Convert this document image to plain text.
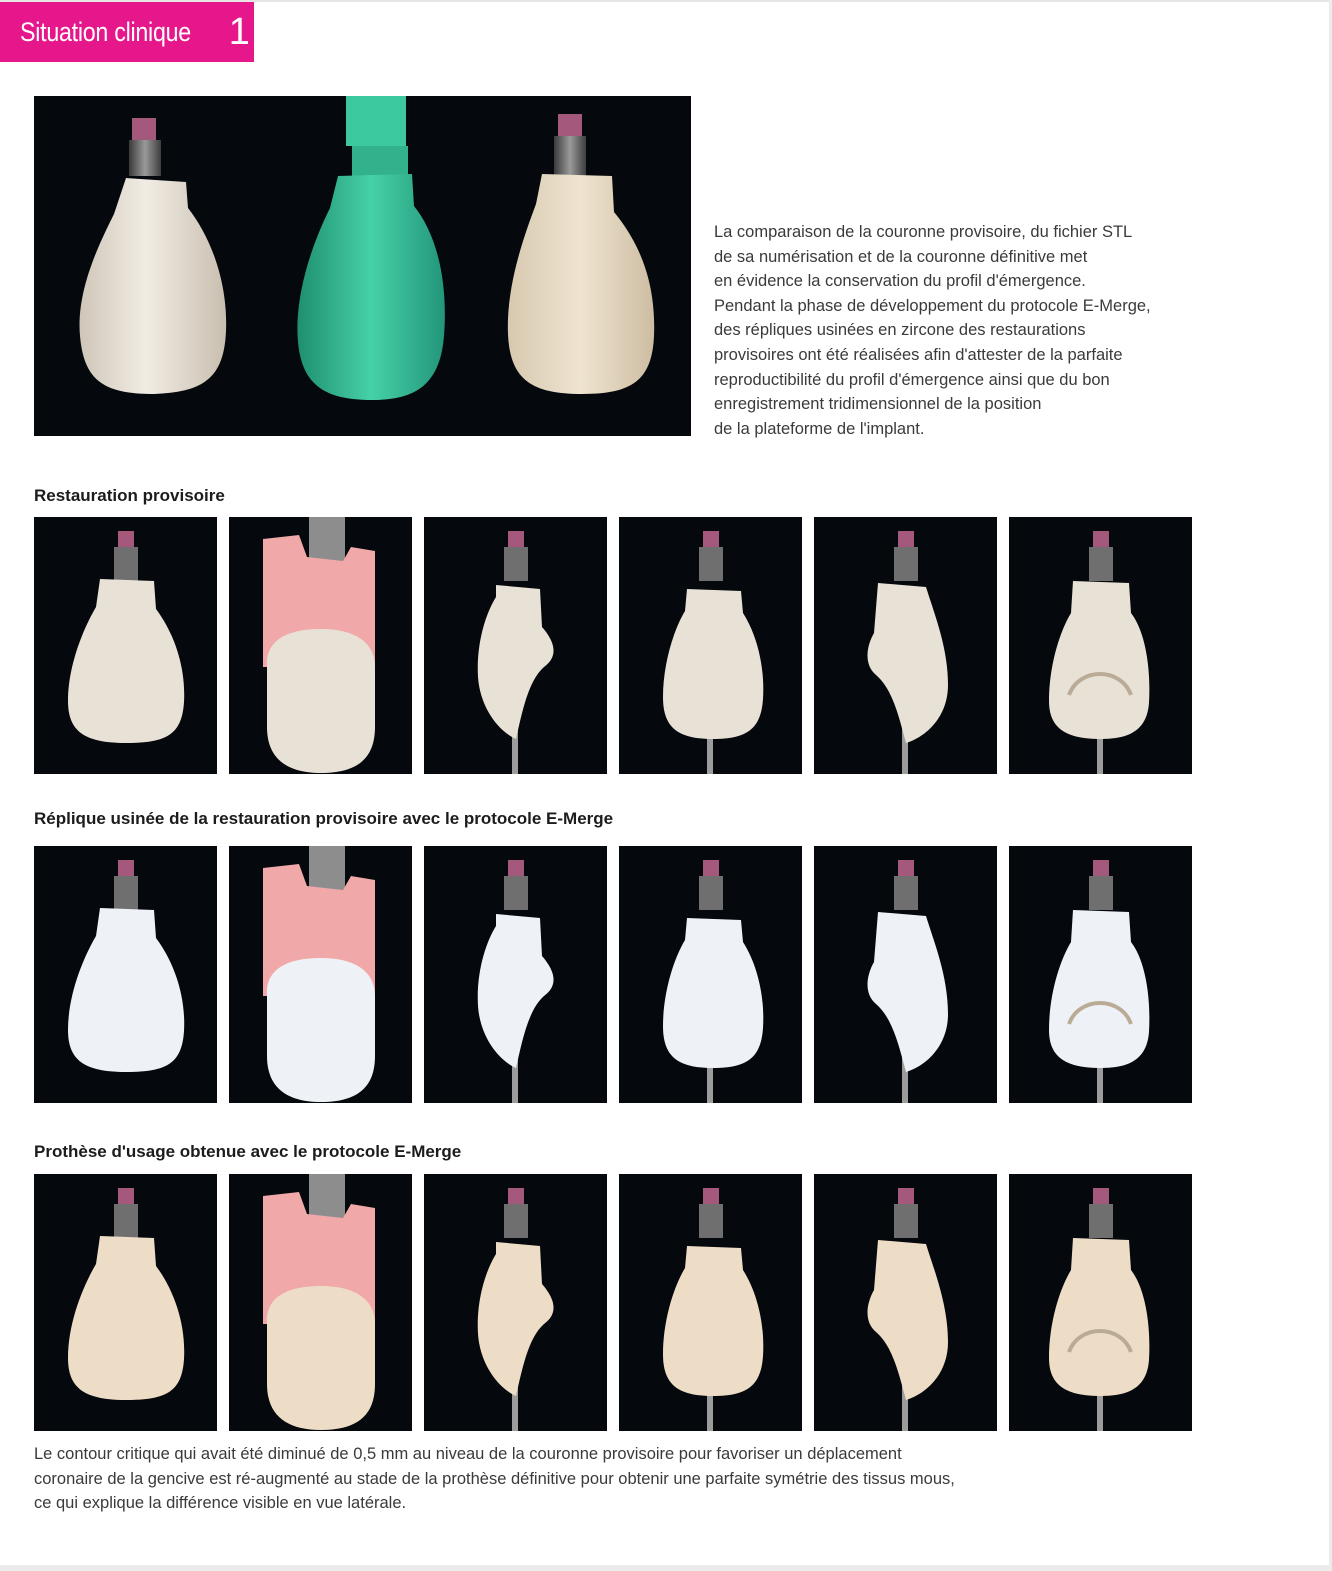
Situation clinique 1
La comparaison de la couronne provisoire, du fichier STL
de sa numérisation et de la couronne définitive met
en évidence la conservation du profil d'émergence.
Pendant la phase de développement du protocole E-Merge,
des répliques usinées en zircone des restaurations
provisoires ont été réalisées afin d'attester de la parfaite
reproductibilité du profil d'émergence ainsi que du bon
enregistrement tridimensionnel de la position
de la plateforme de l'implant.
Restauration provisoire
Réplique usinée de la restauration provisoire avec le protocole E-Merge
Prothèse d'usage obtenue avec le protocole E-Merge
Le contour critique qui avait été diminué de 0,5 mm au niveau de la couronne provisoire pour favoriser un déplacement
coronaire de la gencive est ré-augmenté au stade de la prothèse définitive pour obtenir une parfaite symétrie des tissus mous,
ce qui explique la différence visible en vue latérale.
